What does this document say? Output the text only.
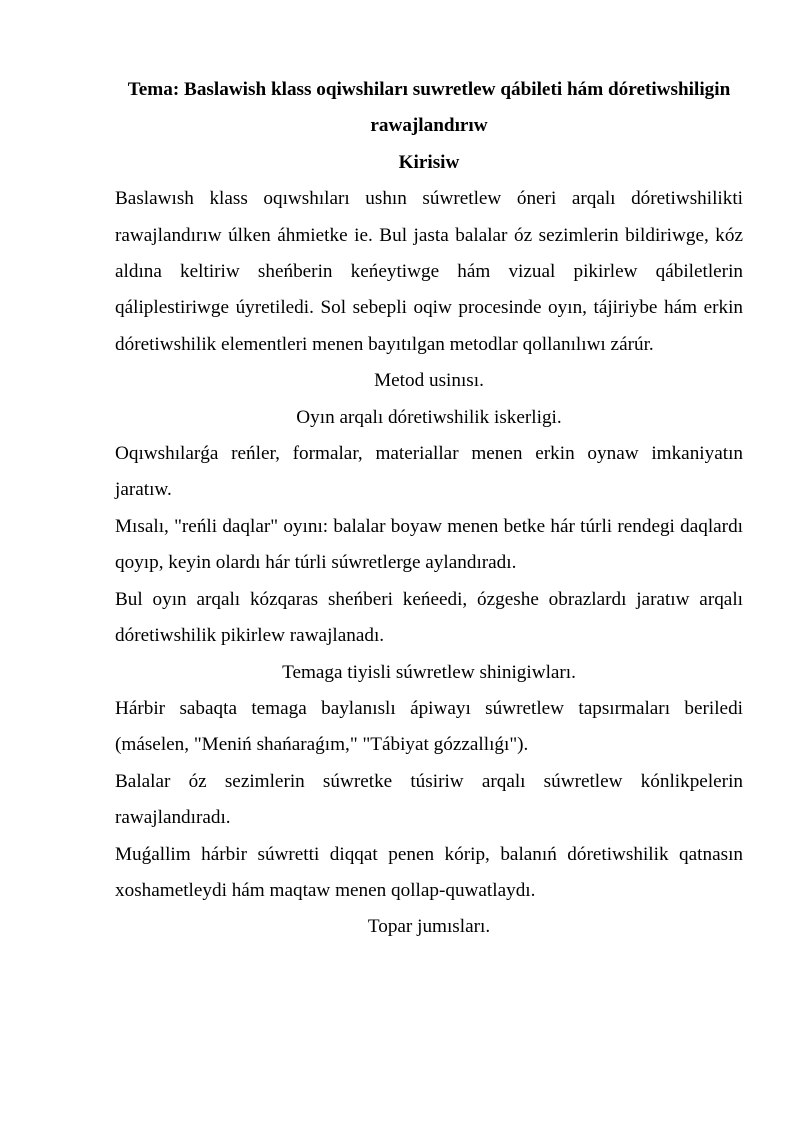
Tema: Baslawish klass oqiwshiları suwretlew qábileti hám dóretiwshiligin rawajlandırıw

Kirisiw

Baslawısh klass oqıwshıları ushın súwretlew óneri arqalı dóretiwshilikti rawajlandırıw úlken áhmietke ie. Bul jasta balalar óz sezimlerin bildiriwge, kóz aldına keltiriw sheńberin keńeytiwge hám vizual pikirlew qábiletlerin qáliplestiriwge úyretiledi. Sol sebepli oqiw procesinde oyın, tájiriybe hám erkin dóretiwshilik elementleri menen bayıtılgan metodlar qollanılıwı zárúr.

Metod usinısı.

Oyın arqalı dóretiwshilik iskerligi.

Oqıwshılarǵa reńler, formalar, materiallar menen erkin oynaw imkaniyatın jaratıw.

Mısalı, "reńli daqlar" oyını: balalar boyaw menen betke hár túrli rendegi daqlardı qoyıp, keyin olardı hár túrli súwretlerge aylandıradı.

Bul oyın arqalı kózqaras sheńberi keńeedi, ózgeshe obrazlardı jaratıw arqalı dóretiwshilik pikirlew rawajlanadı.

Temaga tiyisli súwretlew shinigiwları.

Hárbir sabaqta temaga baylanıslı ápiwayı súwretlew tapsırmaları beriledi (máselen, "Meniń shańaraǵım," "Tábiyat gózzallıǵı").

Balalar óz sezimlerin súwretke túsiriw arqalı súwretlew kónlikpelerin rawajlandıradı.

Muǵallim hárbir súwretti diqqat penen kórip, balanıń dóretiwshilik qatnasın xoshametleydi hám maqtaw menen qollap-quwatlaydı.

Topar jumısları.
